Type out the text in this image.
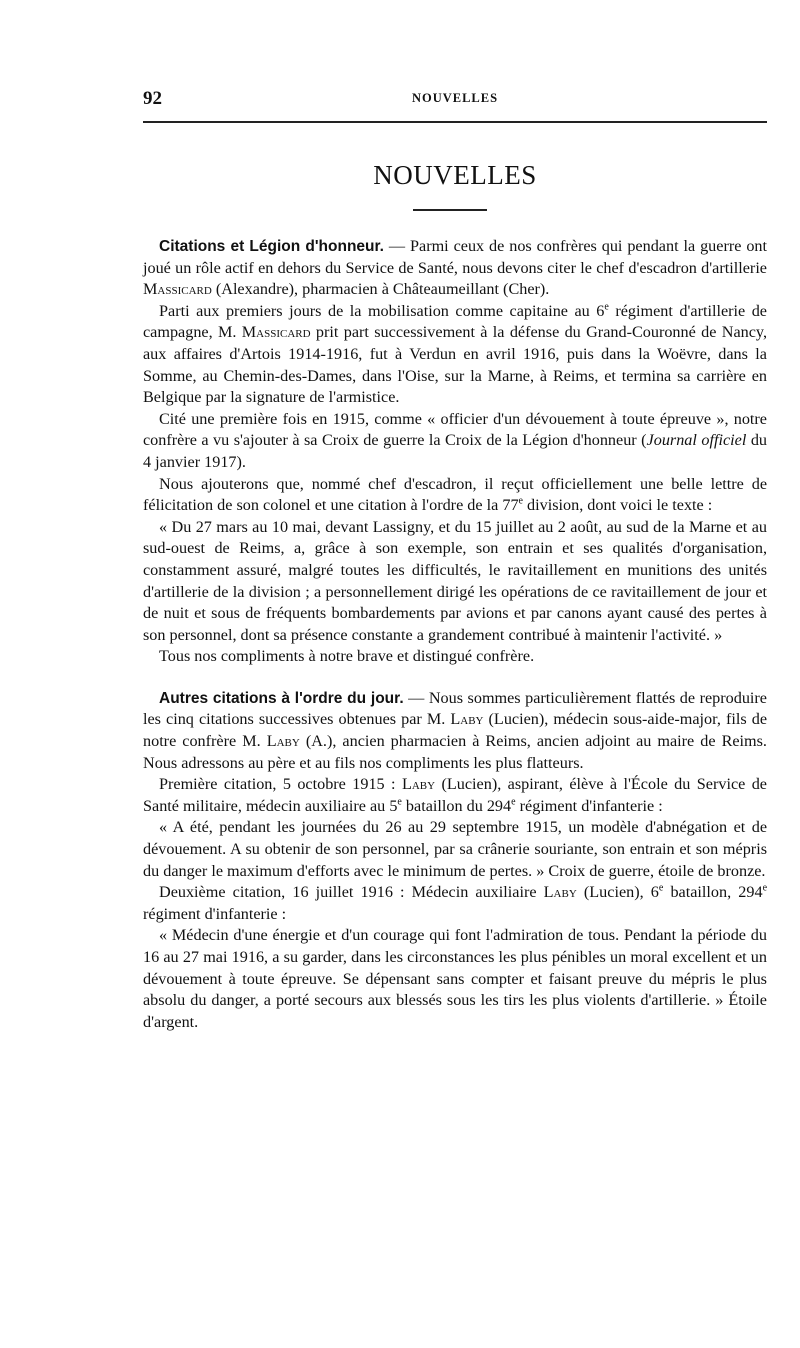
92	NOUVELLES
NOUVELLES

Citations et Légion d'honneur. — Parmi ceux de nos confrères qui pendant la guerre ont joué un rôle actif en dehors du Service de Santé, nous devons citer le chef d'escadron d'artillerie Massicard (Alexandre), pharmacien à Châteaumeillant (Cher).

Parti aux premiers jours de la mobilisation comme capitaine au 6e régiment d'artillerie de campagne, M. Massicard prit part successivement à la défense du Grand-Couronné de Nancy, aux affaires d'Artois 1914-1916, fut à Verdun en avril 1916, puis dans la Woëvre, dans la Somme, au Chemin-des-Dames, dans l'Oise, sur la Marne, à Reims, et termina sa carrière en Belgique par la signature de l'armistice.

Cité une première fois en 1915, comme « officier d'un dévouement à toute épreuve », notre confrère a vu s'ajouter à sa Croix de guerre la Croix de la Légion d'honneur (Journal officiel du 4 janvier 1917).

Nous ajouterons que, nommé chef d'escadron, il reçut officiellement une belle lettre de félicitation de son colonel et une citation à l'ordre de la 77e division, dont voici le texte :

« Du 27 mars au 10 mai, devant Lassigny, et du 15 juillet au 2 août, au sud de la Marne et au sud-ouest de Reims, a, grâce à son exemple, son entrain et ses qualités d'organisation, constamment assuré, malgré toutes les difficultés, le ravitaillement en munitions des unités d'artillerie de la division ; a personnellement dirigé les opérations de ce ravitaillement de jour et de nuit et sous de fréquents bombardements par avions et par canons ayant causé des pertes à son personnel, dont sa présence constante a grandement contribué à maintenir l'activité. »

Tous nos compliments à notre brave et distingué confrère.

Autres citations à l'ordre du jour. — Nous sommes particulièrement flattés de reproduire les cinq citations successives obtenues par M. Laby (Lucien), médecin sous-aide-major, fils de notre confrère M. Laby (A.), ancien pharmacien à Reims, ancien adjoint au maire de Reims. Nous adressons au père et au fils nos compliments les plus flatteurs.

Première citation, 5 octobre 1915 : Laby (Lucien), aspirant, élève à l'École du Service de Santé militaire, médecin auxiliaire au 5e bataillon du 294e régiment d'infanterie :

« A été, pendant les journées du 26 au 29 septembre 1915, un modèle d'abnégation et de dévouement. A su obtenir de son personnel, par sa crânerie souriante, son entrain et son mépris du danger le maximum d'efforts avec le minimum de pertes. » Croix de guerre, étoile de bronze.

Deuxième citation, 16 juillet 1916 : Médecin auxiliaire Laby (Lucien), 6e bataillon, 294e régiment d'infanterie :

« Médecin d'une énergie et d'un courage qui font l'admiration de tous. Pendant la période du 16 au 27 mai 1916, a su garder, dans les circonstances les plus pénibles un moral excellent et un dévouement à toute épreuve. Se dépensant sans compter et faisant preuve du mépris le plus absolu du danger, a porté secours aux blessés sous les tirs les plus violents d'artillerie. » Étoile d'argent.
